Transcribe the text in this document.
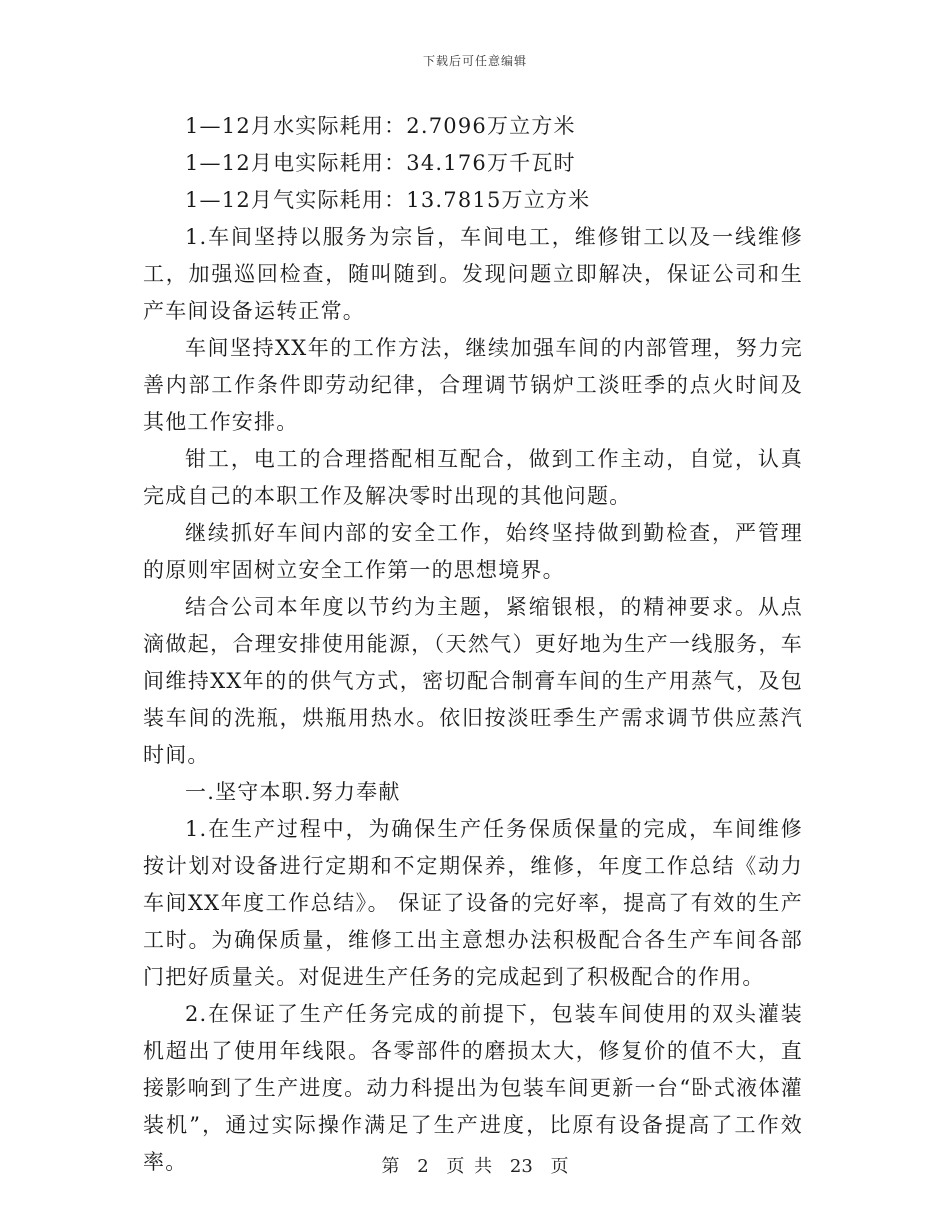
下载后可任意编辑

1—12月水实际耗用：2.7096万立方米

1—12月电实际耗用：34.176万千瓦时

1—12月气实际耗用：13.7815万立方米

1.车间坚持以服务为宗旨，车间电工，维修钳工以及一线维修工，加强巡回检查，随叫随到。发现问题立即解决，保证公司和生产车间设备运转正常。

车间坚持XX年的工作方法，继续加强车间的内部管理，努力完善内部工作条件即劳动纪律，合理调节锅炉工淡旺季的点火时间及其他工作安排。

钳工，电工的合理搭配相互配合，做到工作主动，自觉，认真完成自己的本职工作及解决零时出现的其他问题。

继续抓好车间内部的安全工作，始终坚持做到勤检查，严管理的原则牢固树立安全工作第一的思想境界。

结合公司本年度以节约为主题，紧缩银根，的精神要求。从点滴做起，合理安排使用能源，（天然气）更好地为生产一线服务，车间维持XX年的的供气方式，密切配合制膏车间的生产用蒸气，及包装车间的洗瓶，烘瓶用热水。依旧按淡旺季生产需求调节供应蒸汽时间。

一.坚守本职.努力奉献

1.在生产过程中，为确保生产任务保质保量的完成，车间维修按计划对设备进行定期和不定期保养，维修，年度工作总结《动力车间XX年度工作总结》。 保证了设备的完好率，提高了有效的生产工时。为确保质量，维修工出主意想办法积极配合各生产车间各部门把好质量关。对促进生产任务的完成起到了积极配合的作用。

2.在保证了生产任务完成的前提下，包装车间使用的双头灌装机超出了使用年线限。各零部件的磨损太大，修复价的值不大，直接影响到了生产进度。动力科提出为包装车间更新一台“卧式液体灌装机”，通过实际操作满足了生产进度，比原有设备提高了工作效率。	第 2 页 共 23 页
